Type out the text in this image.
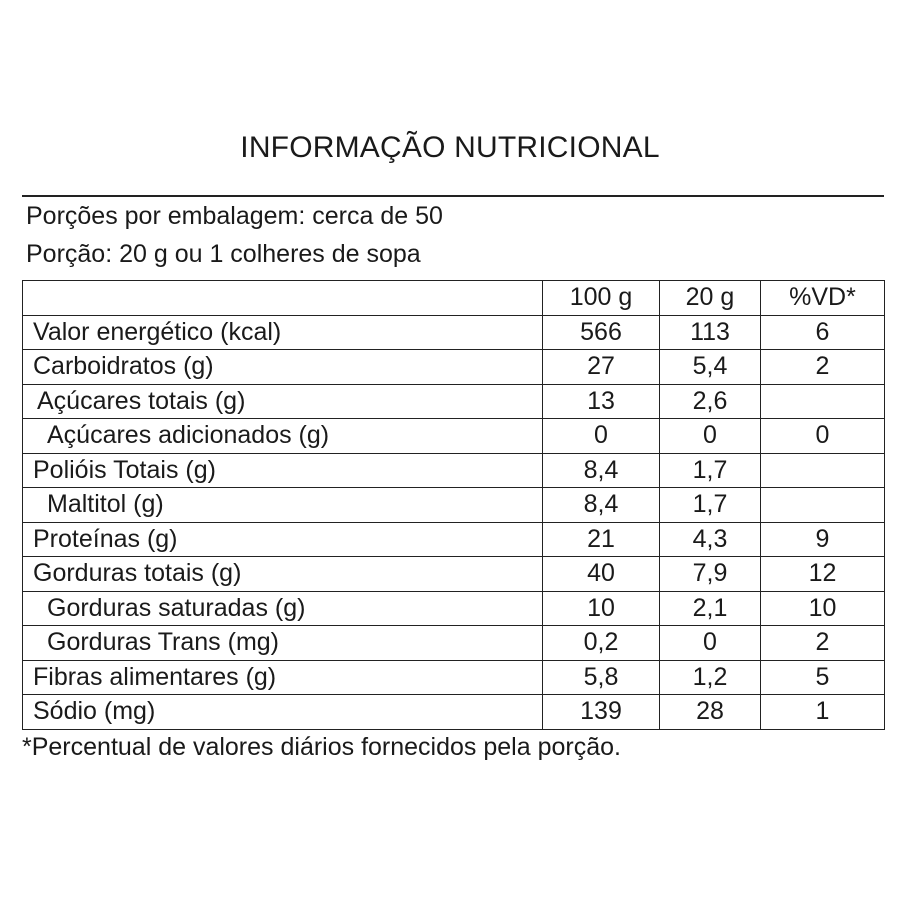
INFORMAÇÃO NUTRICIONAL
Porções por embalagem: cerca de 50
Porção: 20 g ou 1 colheres de sopa
	100 g	20 g	%VD*
Valor energético (kcal)	566	113	6
Carboidratos (g)	27	5,4	2
Açúcares totais (g)	13	2,6	
Açúcares adicionados (g)	0	0	0
Polióis Totais (g)	8,4	1,7	
Maltitol (g)	8,4	1,7	
Proteínas (g)	21	4,3	9
Gorduras totais (g)	40	7,9	12
Gorduras saturadas (g)	10	2,1	10
Gorduras Trans (mg)	0,2	0	2
Fibras alimentares (g)	5,8	1,2	5
Sódio (mg)	139	28	1
*Percentual de valores diários fornecidos pela porção.
